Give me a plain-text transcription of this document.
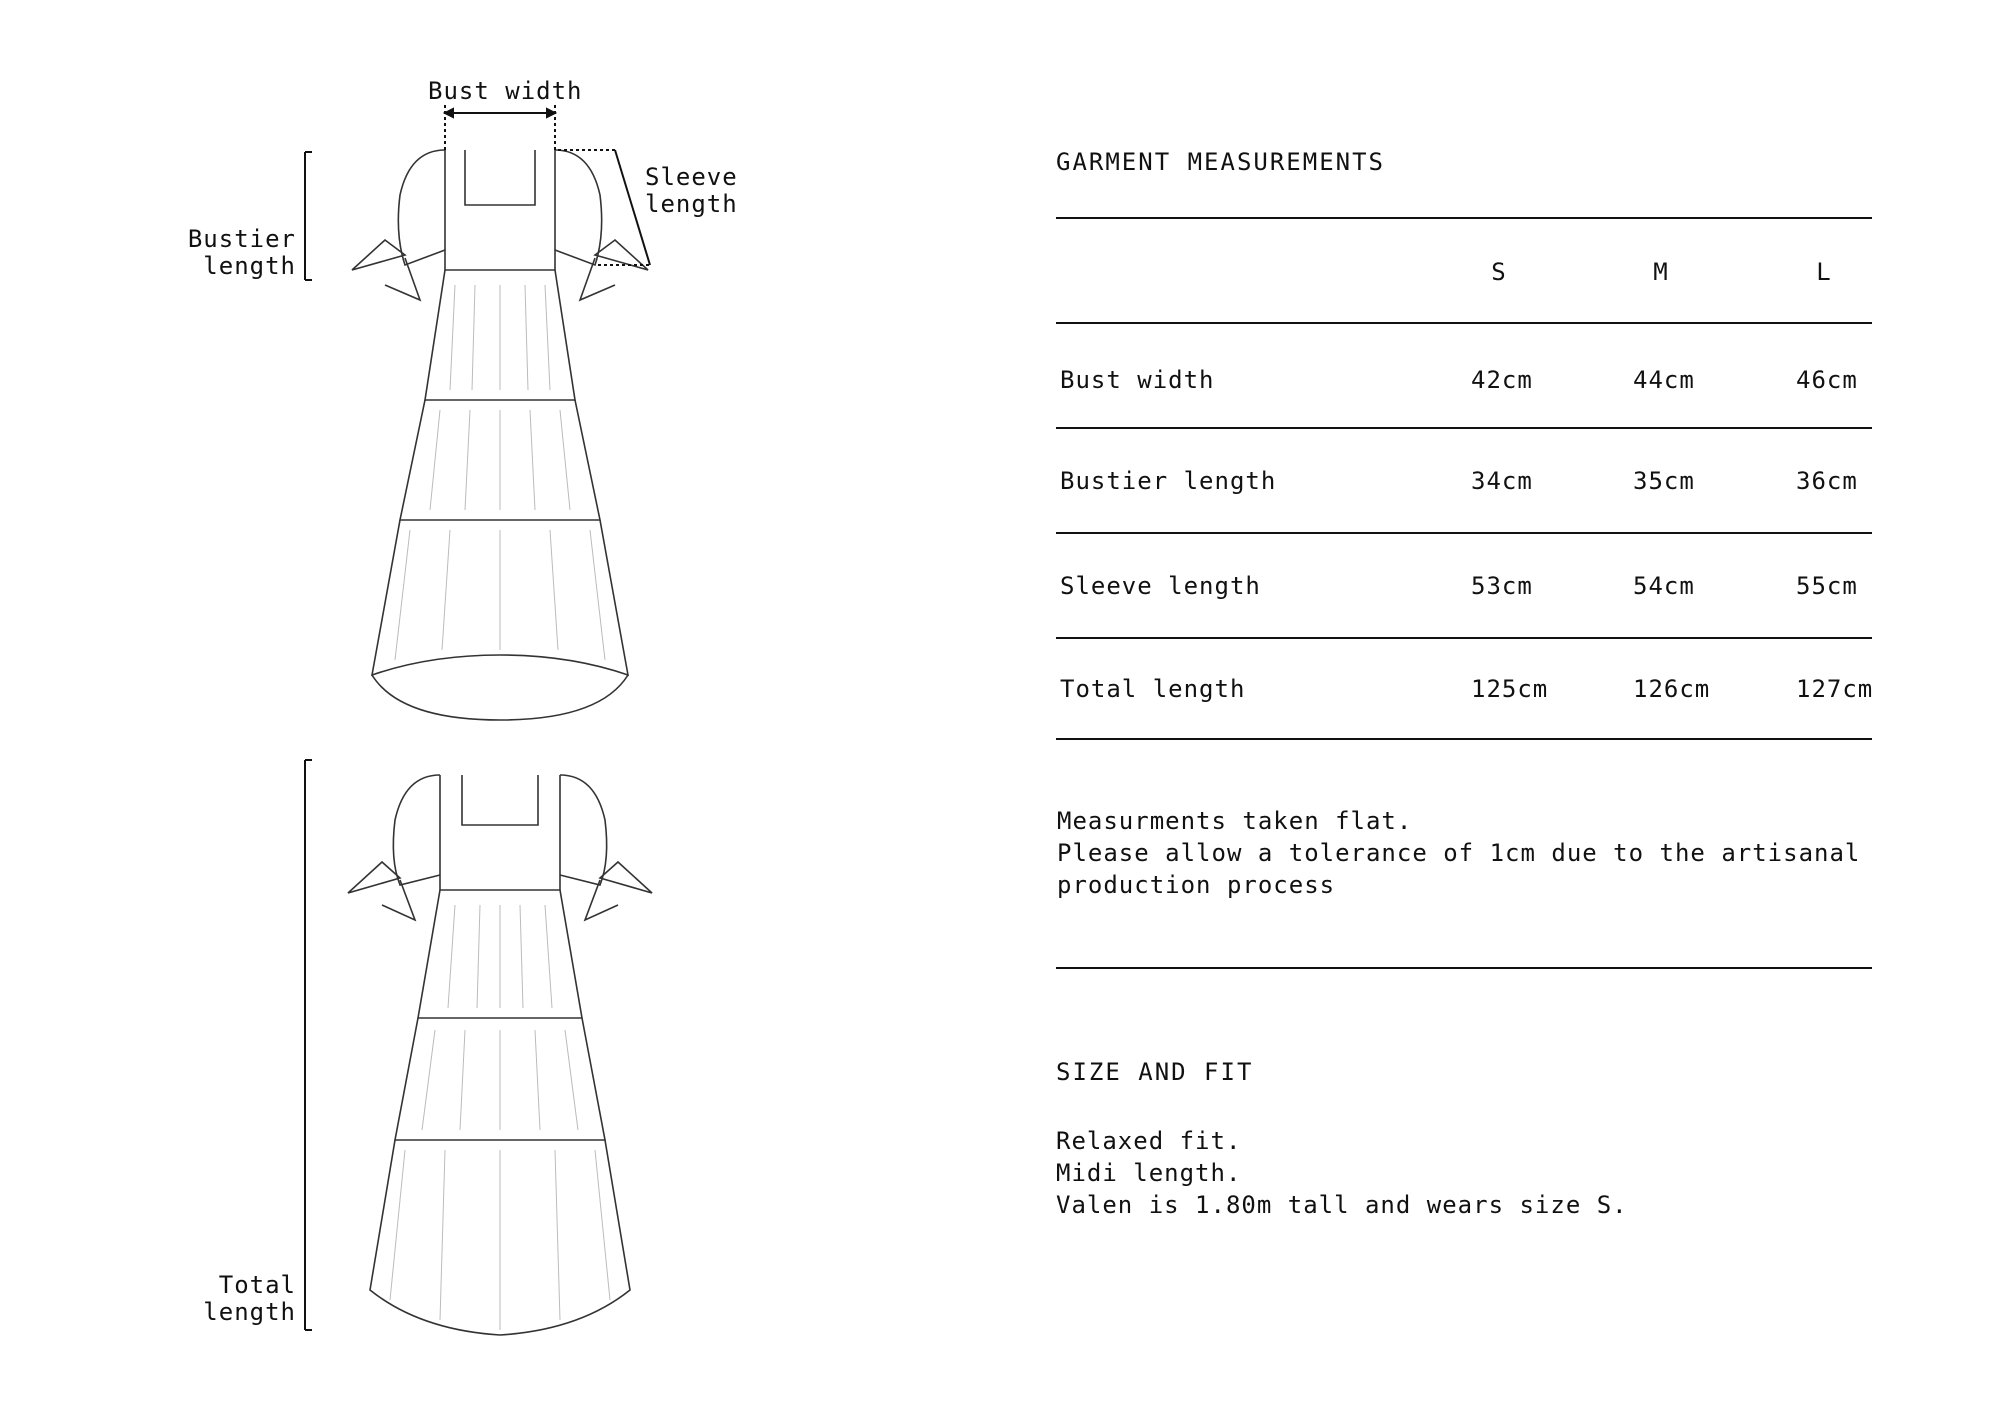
Bust width
Sleeve
length
Bustier
length
Total
length
GARMENT MEASUREMENTS
S	M	L
Bust width	42cm	44cm	46cm
Bustier length	34cm	35cm	36cm
Sleeve length	53cm	54cm	55cm
Total length	125cm	126cm	127cm
Measurments taken flat.
Please allow a tolerance of 1cm due to the artisanal
production process
SIZE AND FIT
Relaxed fit.
Midi length.
Valen is 1.80m tall and wears size S.
